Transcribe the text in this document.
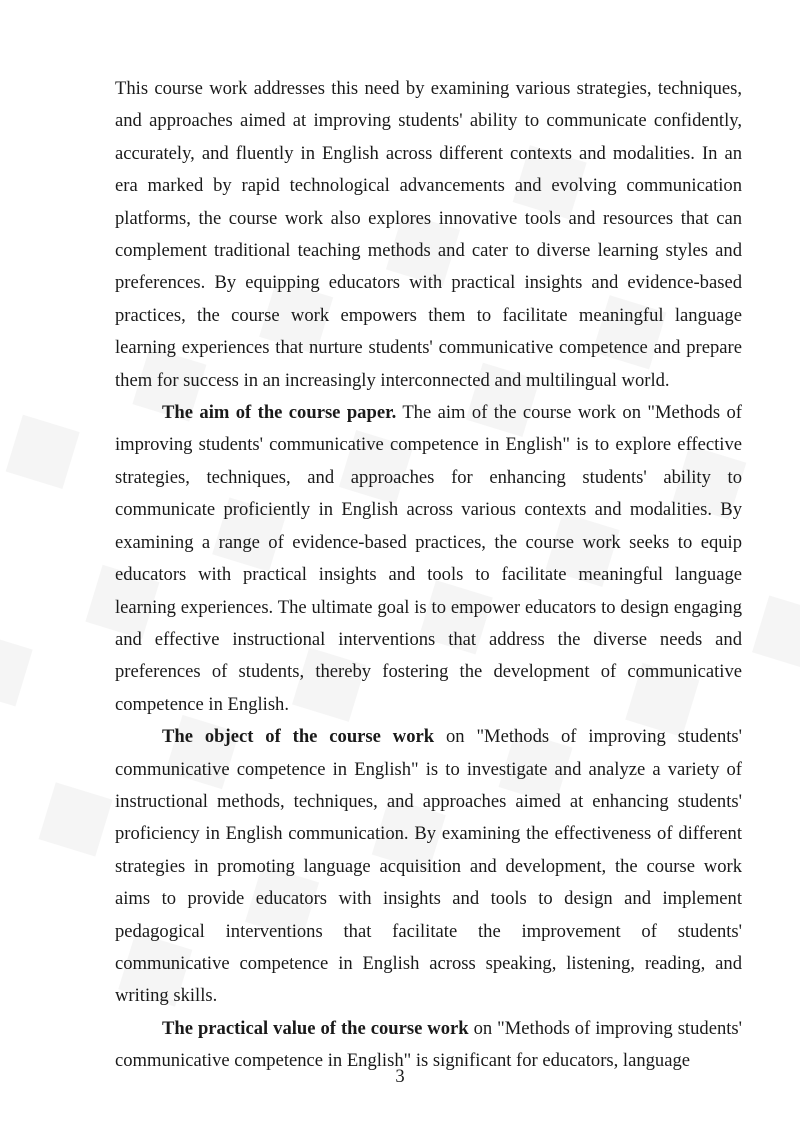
This course work addresses this need by examining various strategies, techniques, and approaches aimed at improving students' ability to communicate confidently, accurately, and fluently in English across different contexts and modalities. In an era marked by rapid technological advancements and evolving communication platforms, the course work also explores innovative tools and resources that can complement traditional teaching methods and cater to diverse learning styles and preferences. By equipping educators with practical insights and evidence-based practices, the course work empowers them to facilitate meaningful language learning experiences that nurture students' communicative competence and prepare them for success in an increasingly interconnected and multilingual world.

The aim of the course paper. The aim of the course work on "Methods of improving students' communicative competence in English" is to explore effective strategies, techniques, and approaches for enhancing students' ability to communicate proficiently in English across various contexts and modalities. By examining a range of evidence-based practices, the course work seeks to equip educators with practical insights and tools to facilitate meaningful language learning experiences. The ultimate goal is to empower educators to design engaging and effective instructional interventions that address the diverse needs and preferences of students, thereby fostering the development of communicative competence in English.

The object of the course work on "Methods of improving students' communicative competence in English" is to investigate and analyze a variety of instructional methods, techniques, and approaches aimed at enhancing students' proficiency in English communication. By examining the effectiveness of different strategies in promoting language acquisition and development, the course work aims to provide educators with insights and tools to design and implement pedagogical interventions that facilitate the improvement of students' communicative competence in English across speaking, listening, reading, and writing skills.

The practical value of the course work on "Methods of improving students' communicative competence in English" is significant for educators, language

3
